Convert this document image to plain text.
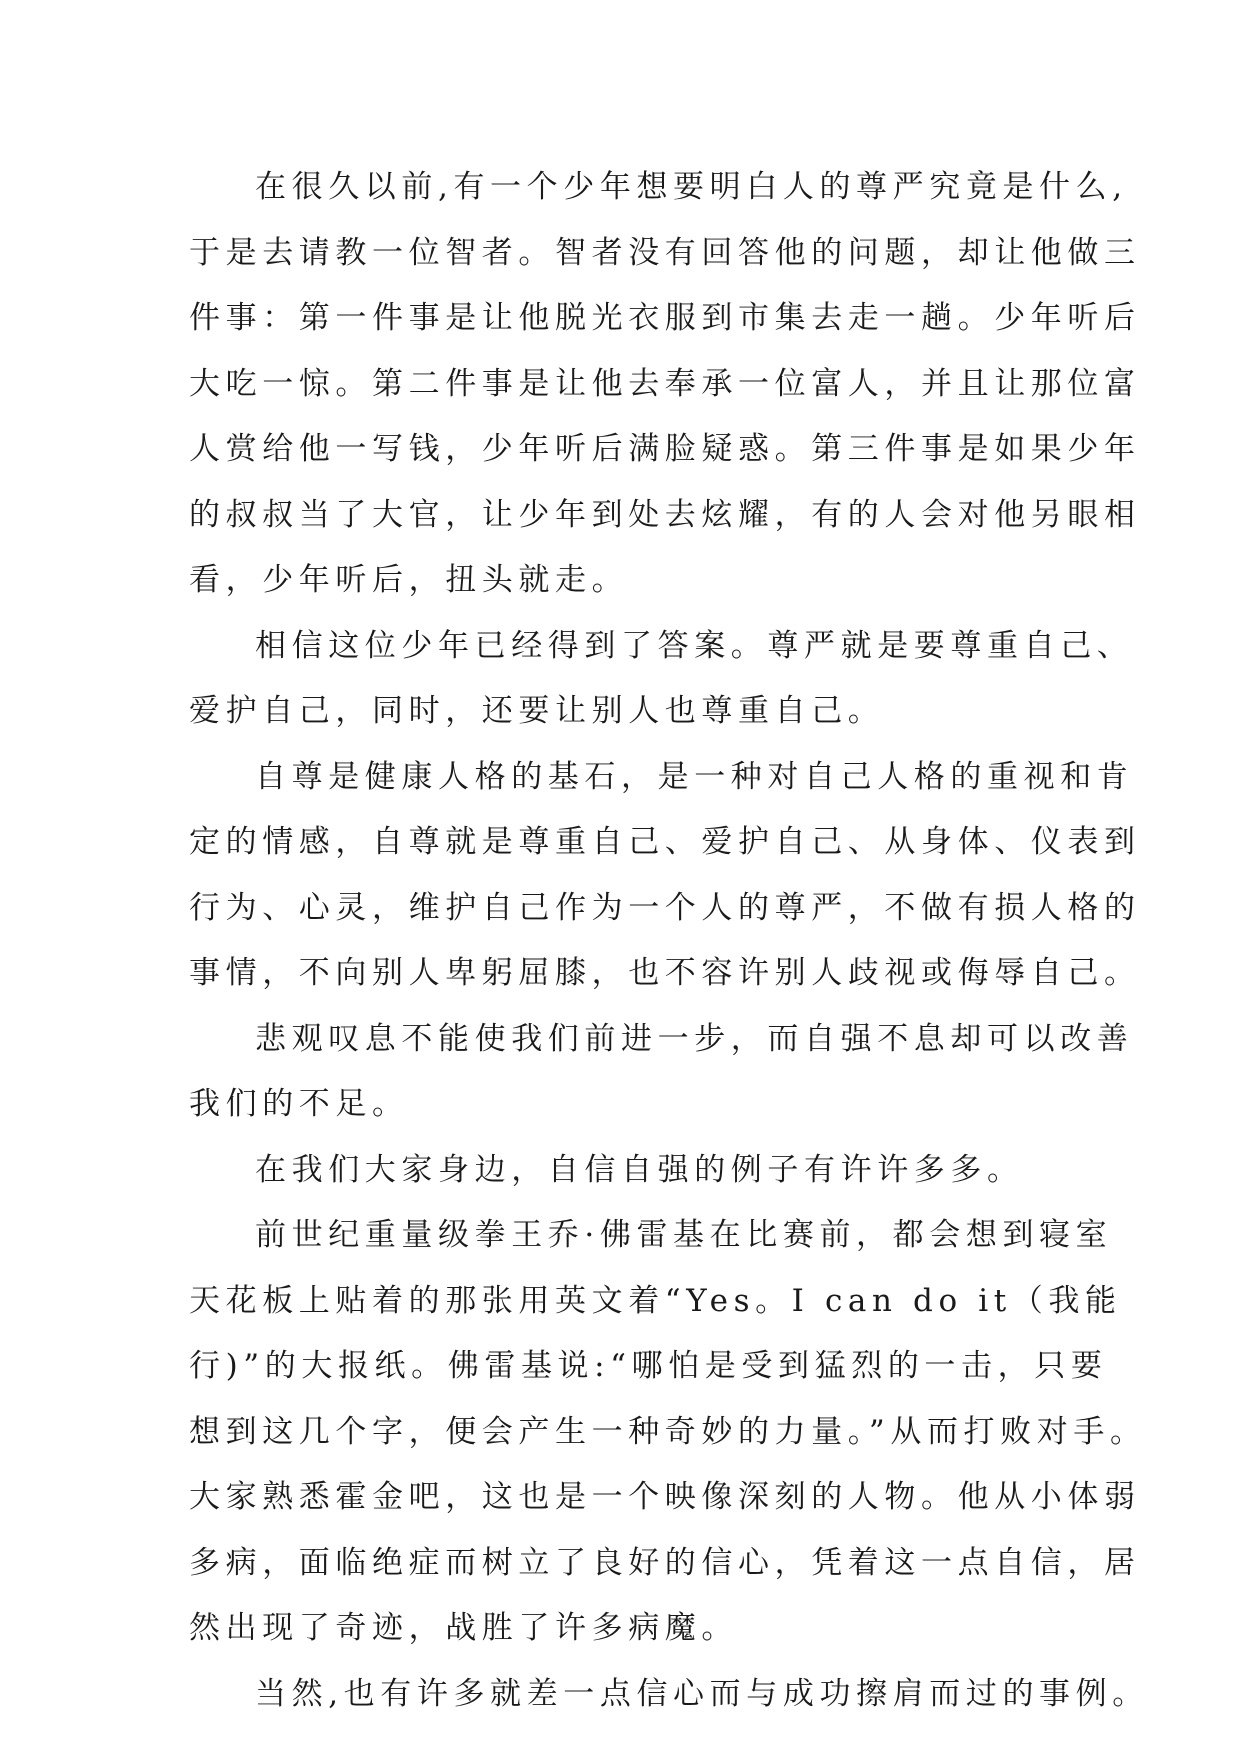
在很久以前,有一个少年想要明白人的尊严究竟是什么,
于是去请教一位智者。智者没有回答他的问题，却让他做三
件事：第一件事是让他脱光衣服到市集去走一趟。少年听后
大吃一惊。第二件事是让他去奉承一位富人，并且让那位富
人赏给他一写钱，少年听后满脸疑惑。第三件事是如果少年
的叔叔当了大官，让少年到处去炫耀，有的人会对他另眼相
看，少年听后，扭头就走。
相信这位少年已经得到了答案。尊严就是要尊重自己、
爱护自己，同时，还要让别人也尊重自己。
自尊是健康人格的基石，是一种对自己人格的重视和肯
定的情感，自尊就是尊重自己、爱护自己、从身体、仪表到
行为、心灵，维护自己作为一个人的尊严，不做有损人格的
事情，不向别人卑躬屈膝，也不容许别人歧视或侮辱自己。
悲观叹息不能使我们前进一步，而自强不息却可以改善
我们的不足。
在我们大家身边，自信自强的例子有许许多多。
前世纪重量级拳王乔·佛雷基在比赛前，都会想到寝室
天花板上贴着的那张用英文着“Yes。I can do it（我能
行)”的大报纸。佛雷基说:“哪怕是受到猛烈的一击，只要
想到这几个字，便会产生一种奇妙的力量。”从而打败对手。
大家熟悉霍金吧，这也是一个映像深刻的人物。他从小体弱
多病，面临绝症而树立了良好的信心，凭着这一点自信，居
然出现了奇迹，战胜了许多病魔。
当然,也有许多就差一点信心而与成功擦肩而过的事例。
